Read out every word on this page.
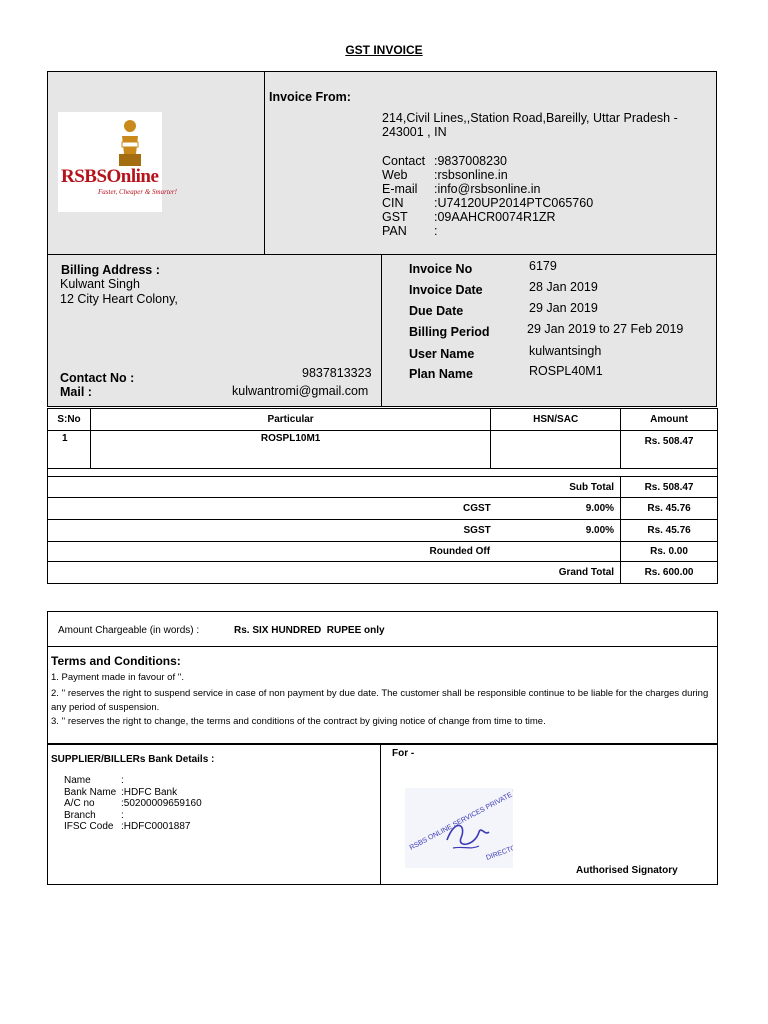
GST INVOICE
RSBSOnline
Faster, Cheaper & Smarter!
Invoice From:
214,Civil Lines,,Station Road,Bareilly, Uttar Pradesh - 243001 , IN
Contact :9837008230
Web :rsbsonline.in
E-mail :info@rsbsonline.in
CIN :U74120UP2014PTC065760
GST :09AAHCR0074R1ZR
PAN :
Billing Address :
Kulwant Singh
12 City Heart Colony,
Contact No :	9837813323
Mail :	kulwantromi@gmail.com
Invoice No	6179
Invoice Date	28 Jan 2019
Due Date	29 Jan 2019
Billing Period	29 Jan 2019 to 27 Feb 2019
User Name	kulwantsingh
Plan Name	ROSPL40M1
S:No	Particular	HSN/SAC	Amount
1	ROSPL10M1		Rs. 508.47

Sub Total			Rs. 508.47
CGST		9.00%	Rs. 45.76
SGST		9.00%	Rs. 45.76
Rounded Off			Rs. 0.00
Grand Total			Rs. 600.00
Amount Chargeable (in words) :	Rs. SIX HUNDRED  RUPEE only
Terms and Conditions:
1. Payment made in favour of ''.
2. '' reserves the right to suspend service in case of non payment by due date. The customer shall be responsible continue to be liable for the charges during any period of suspension.
3. '' reserves the right to change, the terms and conditions of the contract by giving notice of change from time to time.
SUPPLIER/BILLERs Bank Details :
Name	:
Bank Name :HDFC Bank
A/C no	:50200009659160
Branch	:
IFSC Code :HDFC0001887
For -
RSBS ONLINE SERVICES PRIVATE
DIRECTOR
Authorised Signatory
